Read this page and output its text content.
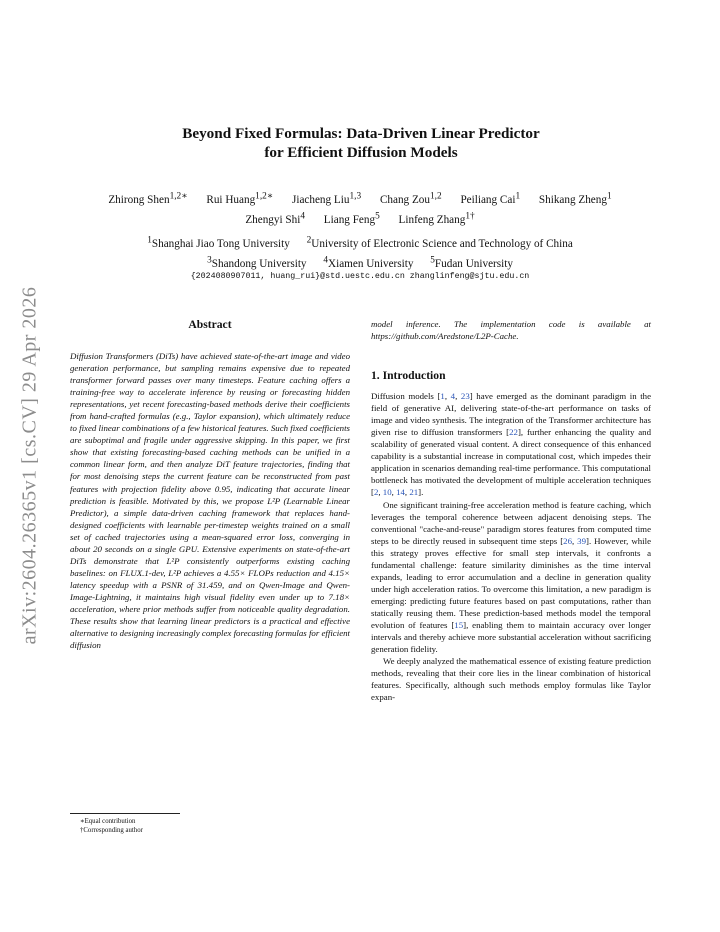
arXiv:2604.26365v1 [cs.CV] 29 Apr 2026
Beyond Fixed Formulas: Data-Driven Linear Predictor
for Efficient Diffusion Models
Zhirong Shen$^{1,2∗}$ Rui Huang$^{1,2∗}$ Jiacheng Liu$^{1,3}$ Chang Zou$^{1,2}$ Peiliang Cai$^1$ Shikang Zheng$^1$
Zhengyi Shi$^4$ Liang Feng$^5$ Linfeng Zhang$^{1\dagger}$
$^1$Shanghai Jiao Tong University $^2$University of Electronic Science and Technology of China
$^3$Shandong University $^4$Xiamen University $^5$Fudan University
{2024080907011, huang_rui}@std.uestc.edu.cn zhanglinfeng@sjtu.edu.cn
Abstract

Diffusion Transformers (DiTs) have achieved state-of-the-art image and video generation performance, but sampling remains expensive due to repeated transformer forward passes over many timesteps. Feature caching offers a training-free way to accelerate inference by reusing or forecasting hidden representations, yet recent forecasting-based methods derive their coefficients from hand-crafted formulas (e.g., Taylor expansion), which ultimately reduce to fixed linear combinations of a few historical features. Such fixed coefficients are suboptimal and fragile under aggressive skipping. In this paper, we first show that existing forecasting-based caching methods can be unified in a common linear form, and then analyze DiT feature trajectories, finding that for most denoising steps the current feature can be reconstructed from past features with projection fidelity above 0.95, indicating that accurate linear prediction is feasible. Motivated by this, we propose L²P (Learnable Linear Predictor), a simple data-driven caching framework that replaces hand-designed coefficients with learnable per-timestep weights trained on a small set of cached trajectories using a mean-squared error loss, converging in about 20 seconds on a single GPU. Extensive experiments on state-of-the-art DiTs demonstrate that L²P consistently outperforms existing caching baselines: on FLUX.1-dev, L²P achieves a 4.55× FLOPs reduction and 4.15× latency speedup with a PSNR of 31.459, and on Qwen-Image and Qwen-Image-Lightning, it maintains high visual fidelity even under up to 7.18× acceleration, where prior methods suffer from noticeable quality degradation. These results show that learning linear predictors is a practical and effective alternative to designing increasingly complex forecasting formulas for efficient diffusion

model inference. The implementation code is available at https://github.com/Aredstone/L2P-Cache.

1. Introduction

Diffusion models [1, 4, 23] have emerged as the dominant paradigm in the field of generative AI, delivering state-of-the-art performance on tasks of image and video synthesis. The integration of the Transformer architecture has given rise to diffusion transformers [22], further enhancing the quality and scalability of generated visual content. A direct consequence of this enhanced capability is a substantial increase in computational cost, which impedes their application in scenarios demanding real-time performance. This computational bottleneck has motivated the development of multiple acceleration techniques [2, 10, 14, 21].

One significant training-free acceleration method is feature caching, which leverages the temporal coherence between adjacent denoising steps. The conventional "cache-and-reuse" paradigm stores features from computed time steps to be directly reused in subsequent time steps [26, 39]. However, while this strategy proves effective for small step intervals, it confronts a fundamental challenge: feature similarity diminishes as the time interval expands, leading to error accumulation and a decline in generation quality under high acceleration ratios. To overcome this limitation, a new paradigm is emerging: predicting future features based on past computations, rather than statically reusing them. These prediction-based methods model the temporal evolution of features [15], enabling them to maintain accuracy over longer intervals and thereby achieve more substantial acceleration without sacrificing generation fidelity.

We deeply analyzed the mathematical essence of existing feature prediction methods, revealing that their core lies in the linear combination of historical features. Specifically, although such methods employ formulas like Taylor expan-

∗Equal contribution
†Corresponding author
